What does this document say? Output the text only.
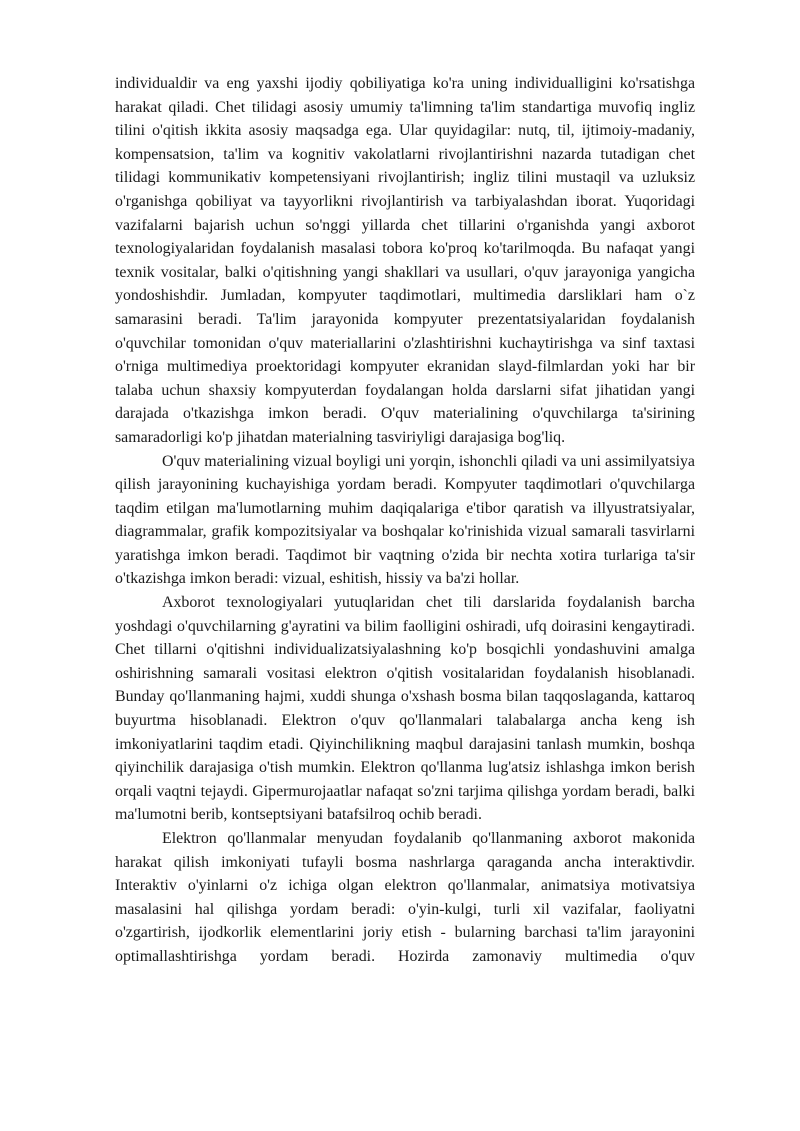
individualdir va eng yaxshi ijodiy qobiliyatiga ko'ra uning individualligini ko'rsatishga harakat qiladi. Chet tilidagi asosiy umumiy ta'limning ta'lim standartiga muvofiq ingliz tilini o'qitish ikkita asosiy maqsadga ega. Ular quyidagilar: nutq, til, ijtimoiy-madaniy, kompensatsion, ta'lim va kognitiv vakolatlarni rivojlantirishni nazarda tutadigan chet tilidagi kommunikativ kompetensiyani rivojlantirish; ingliz tilini mustaqil va uzluksiz o'rganishga qobiliyat va tayyorlikni rivojlantirish va tarbiyalashdan iborat. Yuqoridagi vazifalarni bajarish uchun so'nggi yillarda chet tillarini o'rganishda yangi axborot texnologiyalaridan foydalanish masalasi tobora ko'proq ko'tarilmoqda. Bu nafaqat yangi texnik vositalar, balki o'qitishning yangi shakllari va usullari, o'quv jarayoniga yangicha yondoshishdir. Jumladan, kompyuter taqdimotlari, multimedia darsliklari ham o`z samarasini beradi. Ta'lim jarayonida kompyuter prezentatsiyalaridan foydalanish o'quvchilar tomonidan o'quv materiallarini o'zlashtirishni kuchaytirishga va sinf taxtasi o'rniga multimediya proektoridagi kompyuter ekranidan slayd-filmlardan yoki har bir talaba uchun shaxsiy kompyuterdan foydalangan holda darslarni sifat jihatidan yangi darajada o'tkazishga imkon beradi. O'quv materialining o'quvchilarga ta'sirining samaradorligi ko'p jihatdan materialning tasviriyligi darajasiga bog'liq.

O'quv materialining vizual boyligi uni yorqin, ishonchli qiladi va uni assimilyatsiya qilish jarayonining kuchayishiga yordam beradi. Kompyuter taqdimotlari o'quvchilarga taqdim etilgan ma'lumotlarning muhim daqiqalariga e'tibor qaratish va illyustratsiyalar, diagrammalar, grafik kompozitsiyalar va boshqalar ko'rinishida vizual samarali tasvirlarni yaratishga imkon beradi. Taqdimot bir vaqtning o'zida bir nechta xotira turlariga ta'sir o'tkazishga imkon beradi: vizual, eshitish, hissiy va ba'zi hollar.

Axborot texnologiyalari yutuqlaridan chet tili darslarida foydalanish barcha yoshdagi o'quvchilarning g'ayratini va bilim faolligini oshiradi, ufq doirasini kengaytiradi. Chet tillarni o'qitishni individualizatsiyalashning ko'p bosqichli yondashuvini amalga oshirishning samarali vositasi elektron o'qitish vositalaridan foydalanish hisoblanadi. Bunday qo'llanmaning hajmi, xuddi shunga o'xshash bosma bilan taqqoslaganda, kattaroq buyurtma hisoblanadi. Elektron o'quv qo'llanmalari talabalarga ancha keng ish imkoniyatlarini taqdim etadi. Qiyinchilikning maqbul darajasini tanlash mumkin, boshqa qiyinchilik darajasiga o'tish mumkin. Elektron qo'llanma lug'atsiz ishlashga imkon berish orqali vaqtni tejaydi. Gipermurojaatlar nafaqat so'zni tarjima qilishga yordam beradi, balki ma'lumotni berib, kontseptsiyani batafsilroq ochib beradi.

Elektron qo'llanmalar menyudan foydalanib qo'llanmaning axborot makonida harakat qilish imkoniyati tufayli bosma nashrlarga qaraganda ancha interaktivdir. Interaktiv o'yinlarni o'z ichiga olgan elektron qo'llanmalar, animatsiya motivatsiya masalasini hal qilishga yordam beradi: o'yin-kulgi, turli xil vazifalar, faoliyatni o'zgartirish, ijodkorlik elementlarini joriy etish - bularning barchasi ta'lim jarayonini optimallashtirishga yordam beradi. Hozirda zamonaviy multimedia o'quv
